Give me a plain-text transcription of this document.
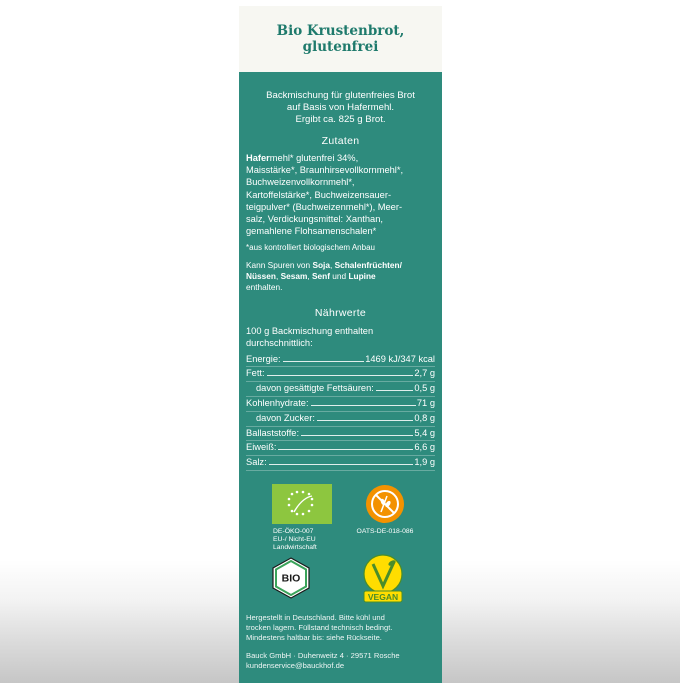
Bio Krustenbrot,
glutenfrei
Backmischung für glutenfreies Brot
auf Basis von Hafermehl.
Ergibt ca. 825 g Brot.
Zutaten
Hafermehl* glutenfrei 34%,
Maisstärke*, Braunhirsevollkornmehl*,
Buchweizenvollkornmehl*,
Kartoffelstärke*, Buchweizensauer-
teigpulver* (Buchweizenmehl*), Meer-
salz, Verdickungsmittel: Xanthan,
gemahlene Flohsamenschalen*
*aus kontrolliert biologischem Anbau
Kann Spuren von Soja, Schalenfrüchten/ Nüssen, Sesam, Senf und Lupine
enthalten.
Nährwerte
100 g Backmischung enthalten
durchschnittlich:
Energie:	1469 kJ/347 kcal
Fett:	2,7 g
davon gesättigte Fettsäuren:	0,5 g
Kohlenhydrate:	71 g
davon Zucker:	0,8 g
Ballaststoffe:	5,4 g
Eiweiß:	6,6 g
Salz:	1,9 g
DE-ÖKO-007
EU-/ Nicht-EU
Landwirtschaft
OATS-DE-018-086
BIO
VEGAN
Hergestellt in Deutschland. Bitte kühl und
trocken lagern. Füllstand technisch bedingt.
Mindestens haltbar bis: siehe Rückseite.
Bauck GmbH · Duhenweitz 4 · 29571 Rosche
kundenservice@bauckhof.de
